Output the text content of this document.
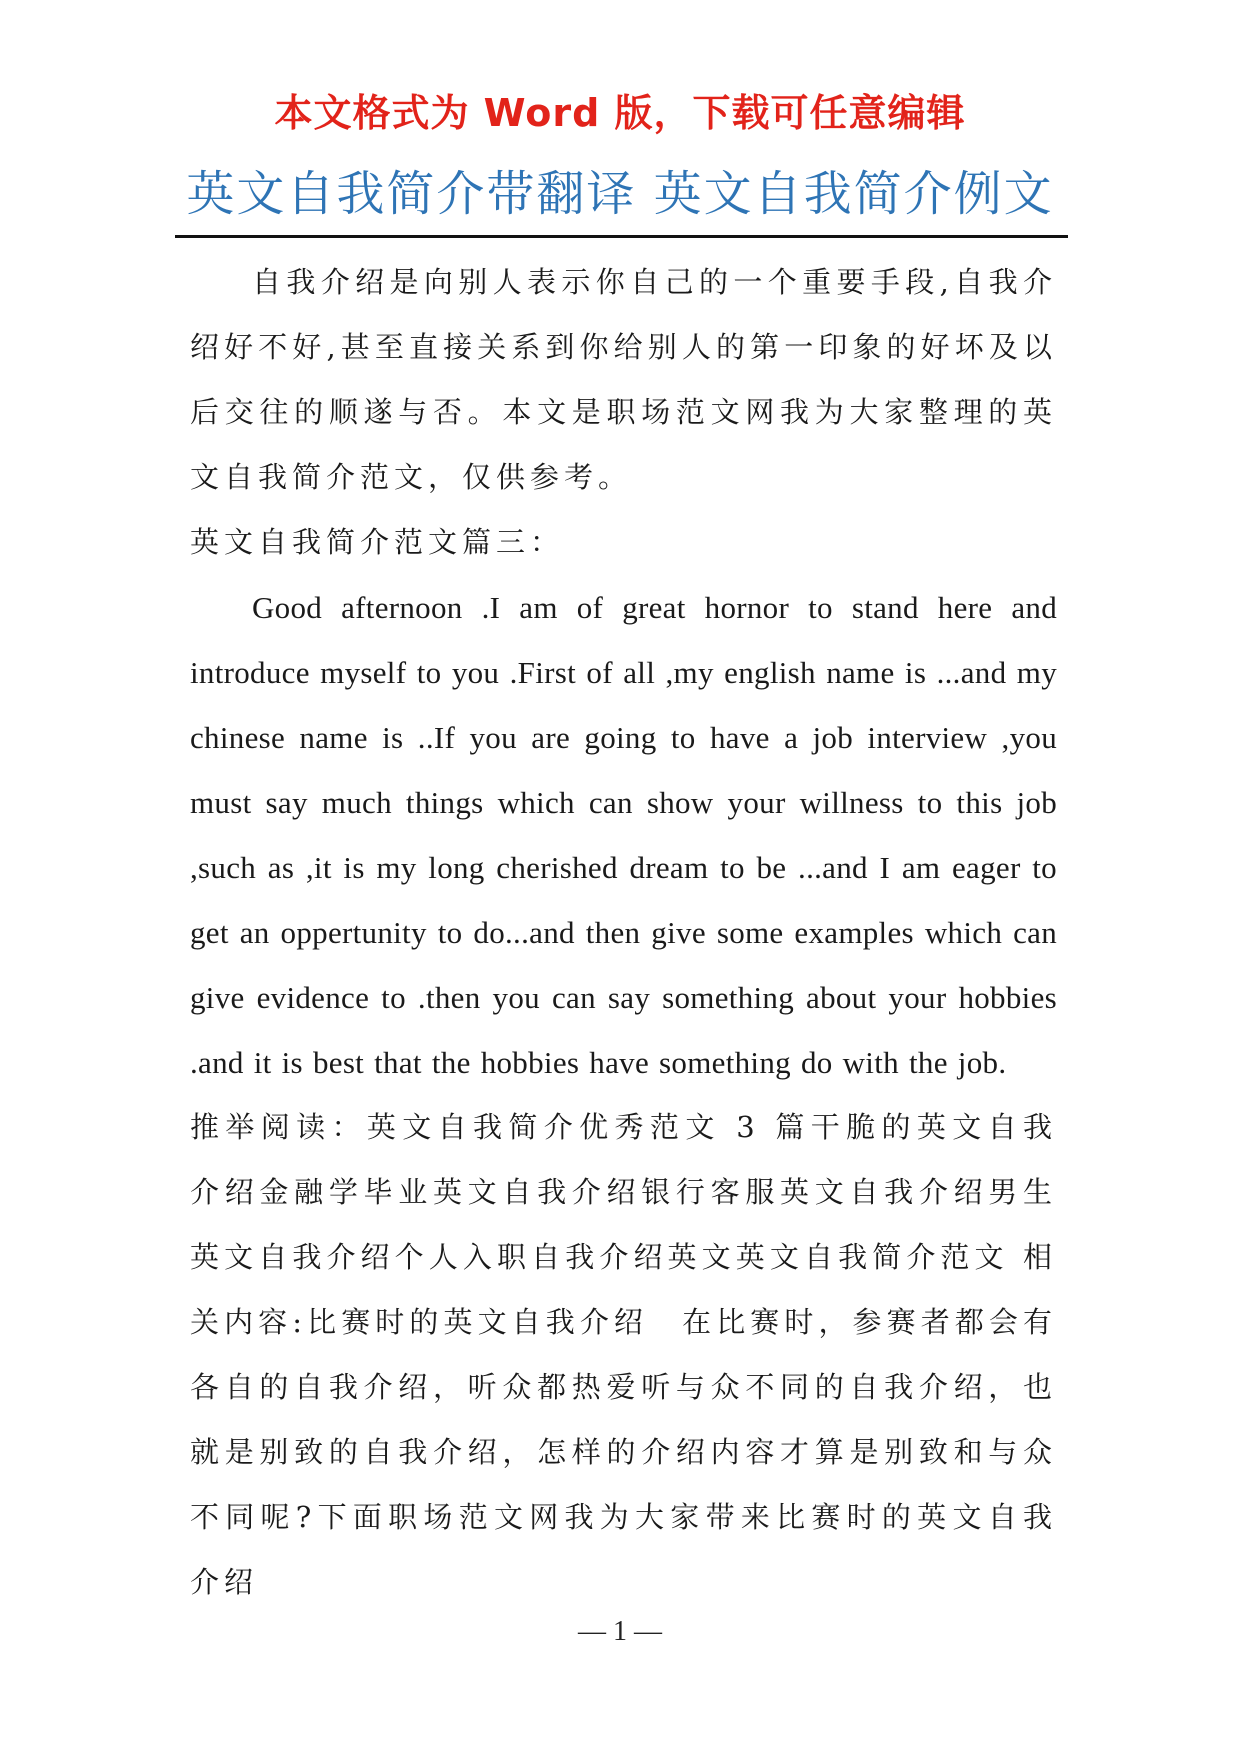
本文格式为 Word 版，下载可任意编辑
英文自我简介带翻译 英文自我简介例文

自我介绍是向别人表示你自己的一个重要手段,自我介绍好不好,甚至直接关系到你给别人的第一印象的好坏及以后交往的顺遂与否。本文是职场范文网我为大家整理的英文自我简介范文，仅供参考。

英文自我简介范文篇三：

Good afternoon .I am of great hornor to stand here and introduce myself to you .First of all ,my english name is ...and my chinese name is ..If you are going to have a job interview ,you must say much things which can show your willness to this job ,such as ,it is my long cherished dream to be ...and I am eager to get an oppertunity to do...and then give some examples which can give evidence to .then you can say something about your hobbies .and it is best that the hobbies have something do with the job.

推举阅读：英文自我简介优秀范文 3 篇干脆的英文自我介绍金融学毕业英文自我介绍银行客服英文自我介绍男生英文自我介绍个人入职自我介绍英文英文自我简介范文 相关内容:比赛时的英文自我介绍　在比赛时，参赛者都会有各自的自我介绍，听众都热爱听与众不同的自我介绍，也就是别致的自我介绍，怎样的介绍内容才算是别致和与众不同呢?下面职场范文网我为大家带来比赛时的英文自我介绍

— 1 —
